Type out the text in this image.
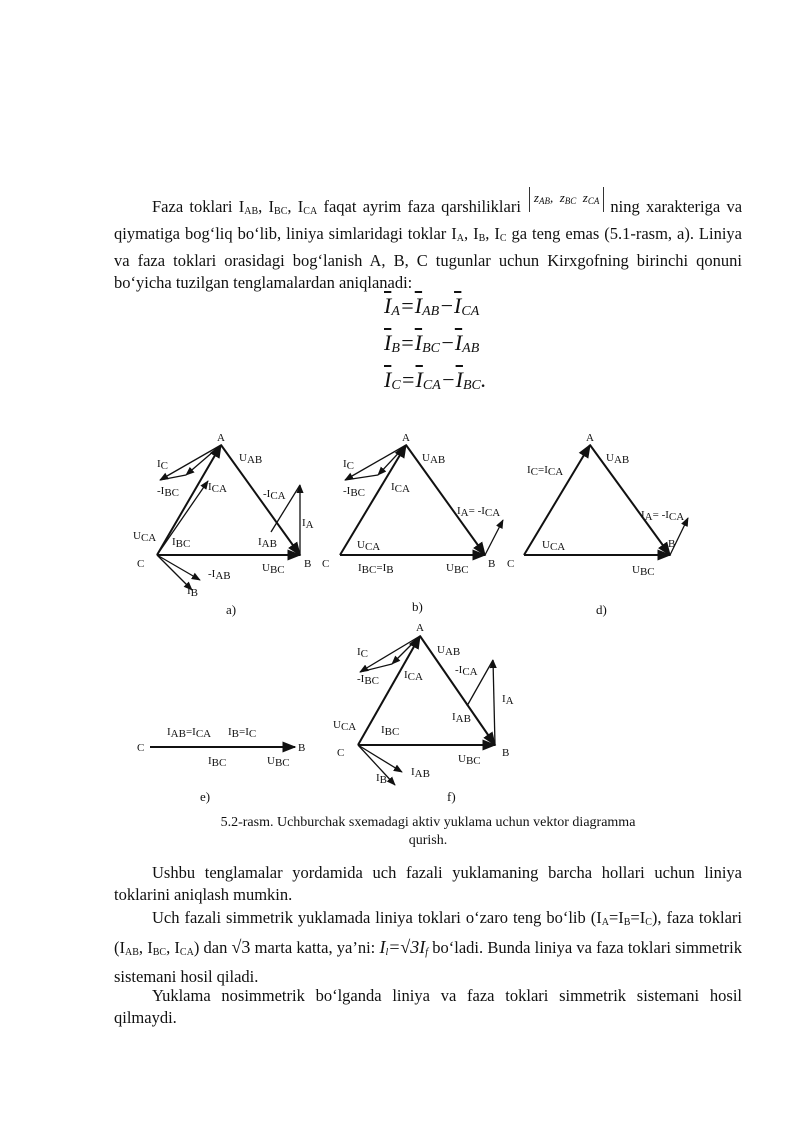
Faza toklari $I_{AB}$, $I_{BC}$, $I_{CA}$ faqat ayrim faza qarshiliklari $z_{AB}$,  $z_{BC}$  $z_{CA}$ ning xarakteriga va qiymatiga bog‘liq bo‘lib, liniya simlaridagi toklar $I_A$, $I_B$, $I_C$ ga teng emas (5.1-rasm, a). Liniya va faza toklari orasidagi bog‘lanish A, B, C tugunlar uchun Kirxgofning birinchi qonuni bo‘yicha tuzilgan tenglamalardan aniqlanadi:

$\overline{I}_A=\overline{I}_{AB}-\overline{I}_{CA}$
$\overline{I}_B=\overline{I}_{BC}-\overline{I}_{AB}$
$\overline{I}_C=\overline{I}_{CA}-\overline{I}_{BC}$.
A
C	B
UAB
IC
-IBC	ICA	-ICA
IA
IAB
UCA IBC
UBC
-IAB
IB
A
C	B
UAB
IC
-IBC ICA
IA= -ICA
UCA
IBC=IB	UBC
A
C
B
UAB
IC=ICA
IA= -ICA
UCA
UBC
C	B
IAB=ICA IB=IC
IBC	UBC
A
C	B
UAB
IC
-IBC ICA
-ICA
IA
IAB
UCA IBC
UBC
IAB
IB
a)	b)	d)
e)	f)
5.2-rasm. Uchburchak sxemadagi aktiv yuklama uchun vektor diagramma
qurish.

Ushbu tenglamalar yordamida uch fazali yuklamaning barcha hollari uchun liniya toklarini aniqlash mumkin.

Uch fazali simmetrik yuklamada liniya toklari o‘zaro teng bo‘lib $(I_A=I_B=I_C)$, faza toklari ($I_{AB}$, $I_{BC}$, $I_{CA}$) dan √3 marta katta, ya’ni: $I_l=√3I_f$ bo‘ladi. Bunda liniya va faza toklari simmetrik sistemani hosil qiladi.

Yuklama nosimmetrik bo‘lganda liniya va faza toklari simmetrik sistemani hosil qilmaydi.
